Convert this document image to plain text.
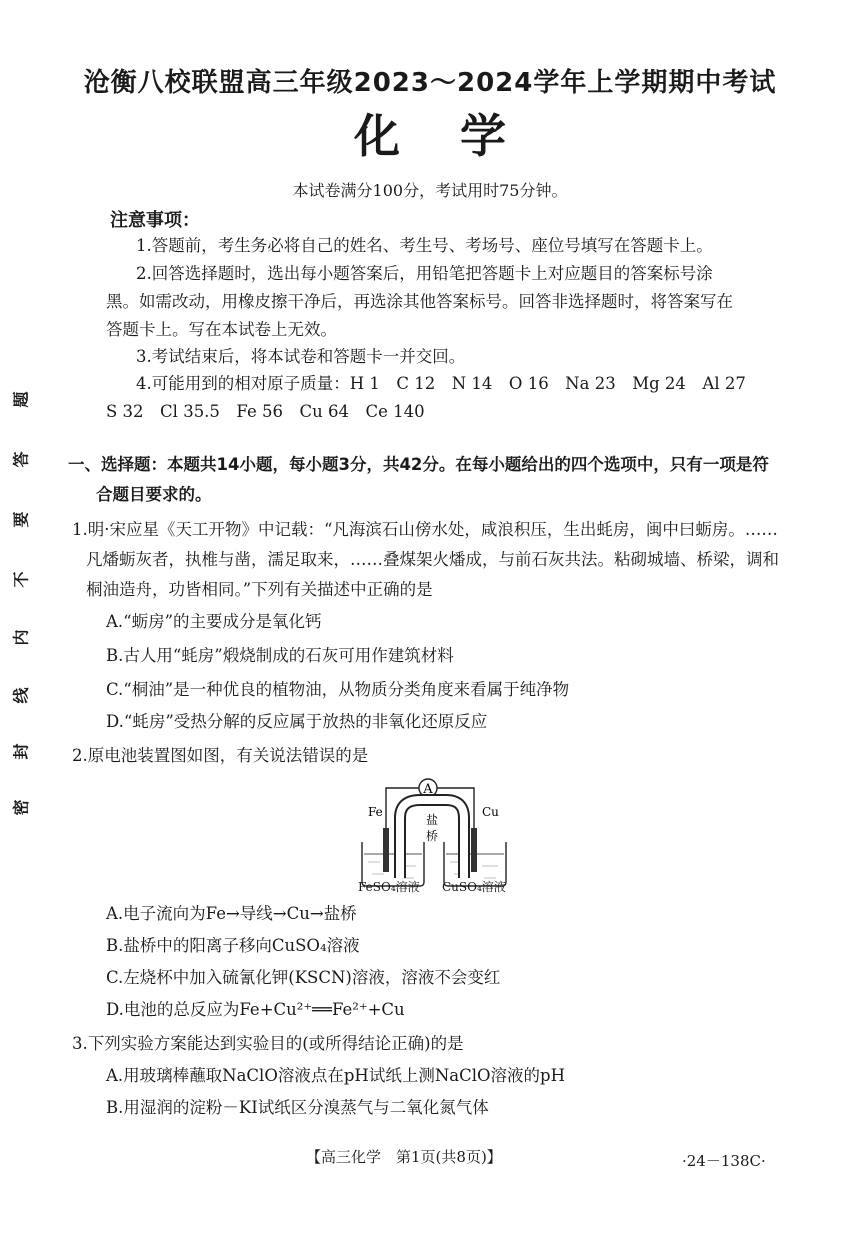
沧衡八校联盟高三年级2023～2024学年上学期期中考试
化学
本试卷满分100分，考试用时75分钟。
注意事项：
1.答题前，考生务必将自己的姓名、考生号、考场号、座位号填写在答题卡上。
2.回答选择题时，选出每小题答案后，用铅笔把答题卡上对应题目的答案标号涂
黑。如需改动，用橡皮擦干净后，再选涂其他答案标号。回答非选择题时，将答案写在
答题卡上。写在本试卷上无效。
3.考试结束后，将本试卷和答题卡一并交回。
4.可能用到的相对原子质量：H 1　C 12　N 14　O 16　Na 23　Mg 24　Al 27
S 32　Cl 35.5　Fe 56　Cu 64　Ce 140
题
答
要
不
内
线
封
密
一、选择题：本题共14小题，每小题3分，共42分。在每小题给出的四个选项中，只有一项是符
合题目要求的。
1.明·宋应星《天工开物》中记载：“凡海滨石山傍水处，咸浪积压，生出蚝房，闽中曰蛎房。……
凡燔蛎灰者，执椎与凿，濡足取来，……叠煤架火燔成，与前石灰共法。粘砌城墙、桥梁，调和
桐油造舟，功皆相同。”下列有关描述中正确的是
A.“蛎房”的主要成分是氧化钙
B.古人用“蚝房”煅烧制成的石灰可用作建筑材料
C.“桐油”是一种优良的植物油，从物质分类角度来看属于纯净物
D.“蚝房”受热分解的反应属于放热的非氧化还原反应
2.原电池装置图如图，有关说法错误的是
A
盐
桥
Fe	Cu
FeSO₄溶液 CuSO₄溶液
A.电子流向为Fe→导线→Cu→盐桥
B.盐桥中的阳离子移向CuSO₄溶液
C.左烧杯中加入硫氰化钾(KSCN)溶液，溶液不会变红
D.电池的总反应为Fe+Cu²⁺══Fe²⁺+Cu
3.下列实验方案能达到实验目的(或所得结论正确)的是
A.用玻璃棒蘸取NaClO溶液点在pH试纸上测NaClO溶液的pH
B.用湿润的淀粉－KI试纸区分溴蒸气与二氧化氮气体
【高三化学　第1页(共8页)】	·24－138C·
